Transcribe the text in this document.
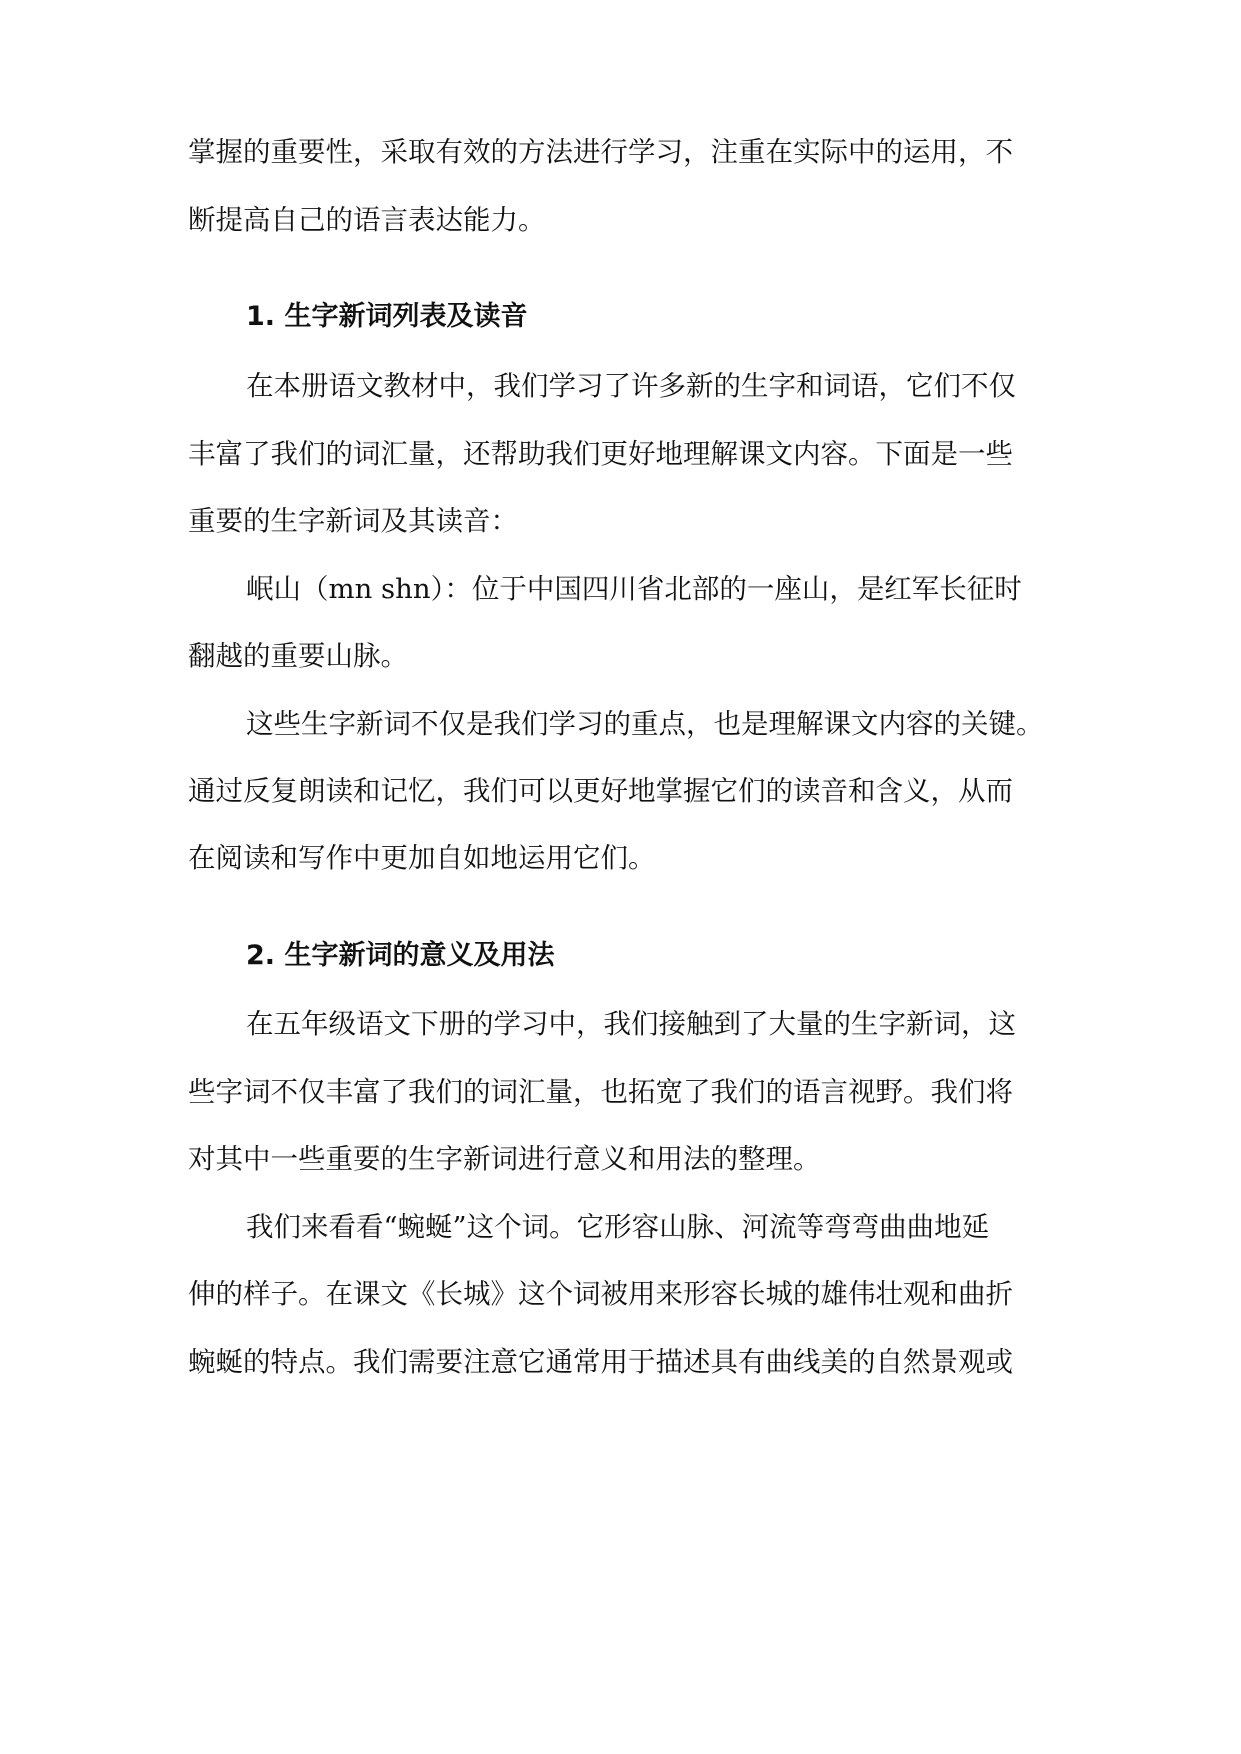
掌握的重要性，采取有效的方法进行学习，注重在实际中的运用，不
断提高自己的语言表达能力。
1. 生字新词列表及读音
在本册语文教材中，我们学习了许多新的生字和词语，它们不仅
丰富了我们的词汇量，还帮助我们更好地理解课文内容。下面是一些
重要的生字新词及其读音：
岷山（mn shn）：位于中国四川省北部的一座山，是红军长征时
翻越的重要山脉。
这些生字新词不仅是我们学习的重点，也是理解课文内容的关键。
通过反复朗读和记忆，我们可以更好地掌握它们的读音和含义，从而
在阅读和写作中更加自如地运用它们。
2. 生字新词的意义及用法
在五年级语文下册的学习中，我们接触到了大量的生字新词，这
些字词不仅丰富了我们的词汇量，也拓宽了我们的语言视野。我们将
对其中一些重要的生字新词进行意义和用法的整理。
我们来看看“蜿蜒”这个词。它形容山脉、河流等弯弯曲曲地延
伸的样子。在课文《长城》这个词被用来形容长城的雄伟壮观和曲折
蜿蜒的特点。我们需要注意它通常用于描述具有曲线美的自然景观或
